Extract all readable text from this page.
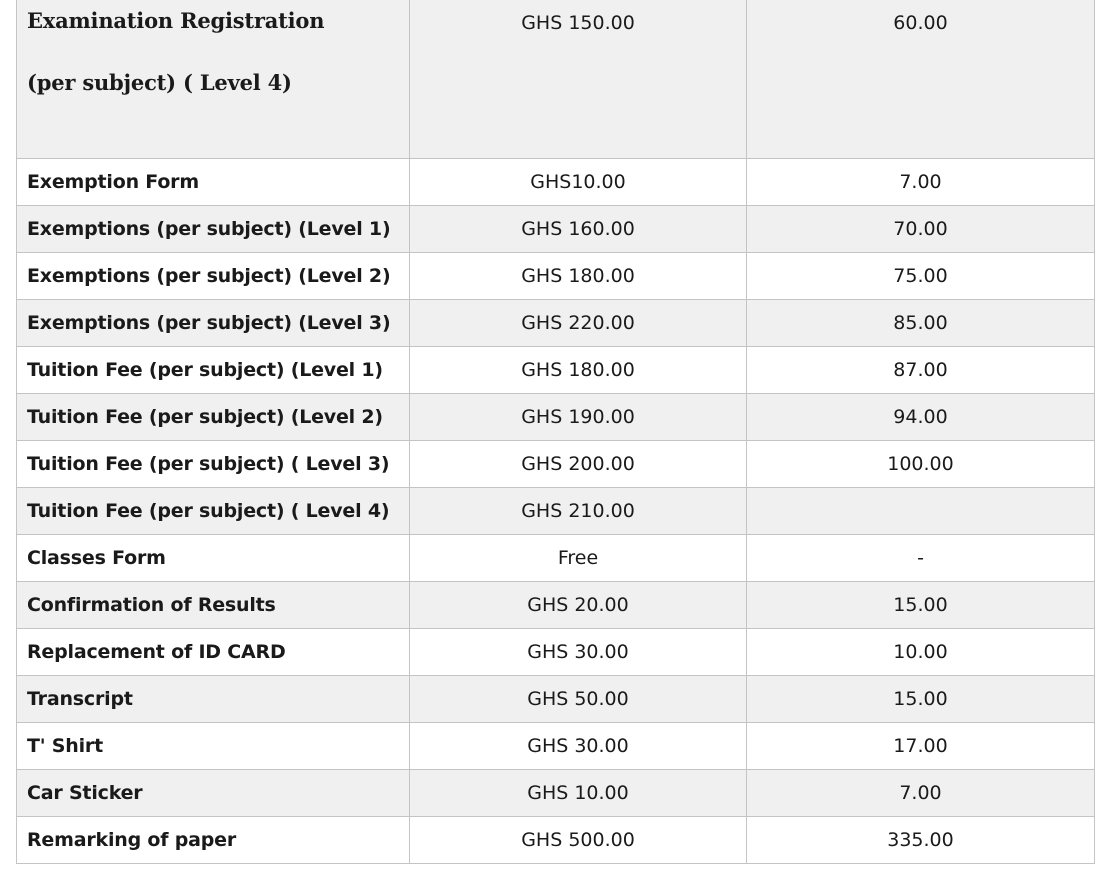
Examination Registration
(per subject) ( Level 4)	GHS 150.00	60.00
Exemption Form	GHS10.00	7.00
Exemptions (per subject) (Level 1)	GHS 160.00	70.00
Exemptions (per subject) (Level 2)	GHS 180.00	75.00
Exemptions (per subject) (Level 3)	GHS 220.00	85.00
Tuition Fee (per subject) (Level 1)	GHS 180.00	87.00
Tuition Fee (per subject) (Level 2)	GHS 190.00	94.00
Tuition Fee (per subject) ( Level 3)	GHS 200.00	100.00
Tuition Fee (per subject) ( Level 4)	GHS 210.00	
Classes Form	Free	-
Confirmation of Results	GHS 20.00	15.00
Replacement of ID CARD	GHS 30.00	10.00
Transcript	GHS 50.00	15.00
T' Shirt	GHS 30.00	17.00
Car Sticker	GHS 10.00	7.00
Remarking of paper	GHS 500.00	335.00
